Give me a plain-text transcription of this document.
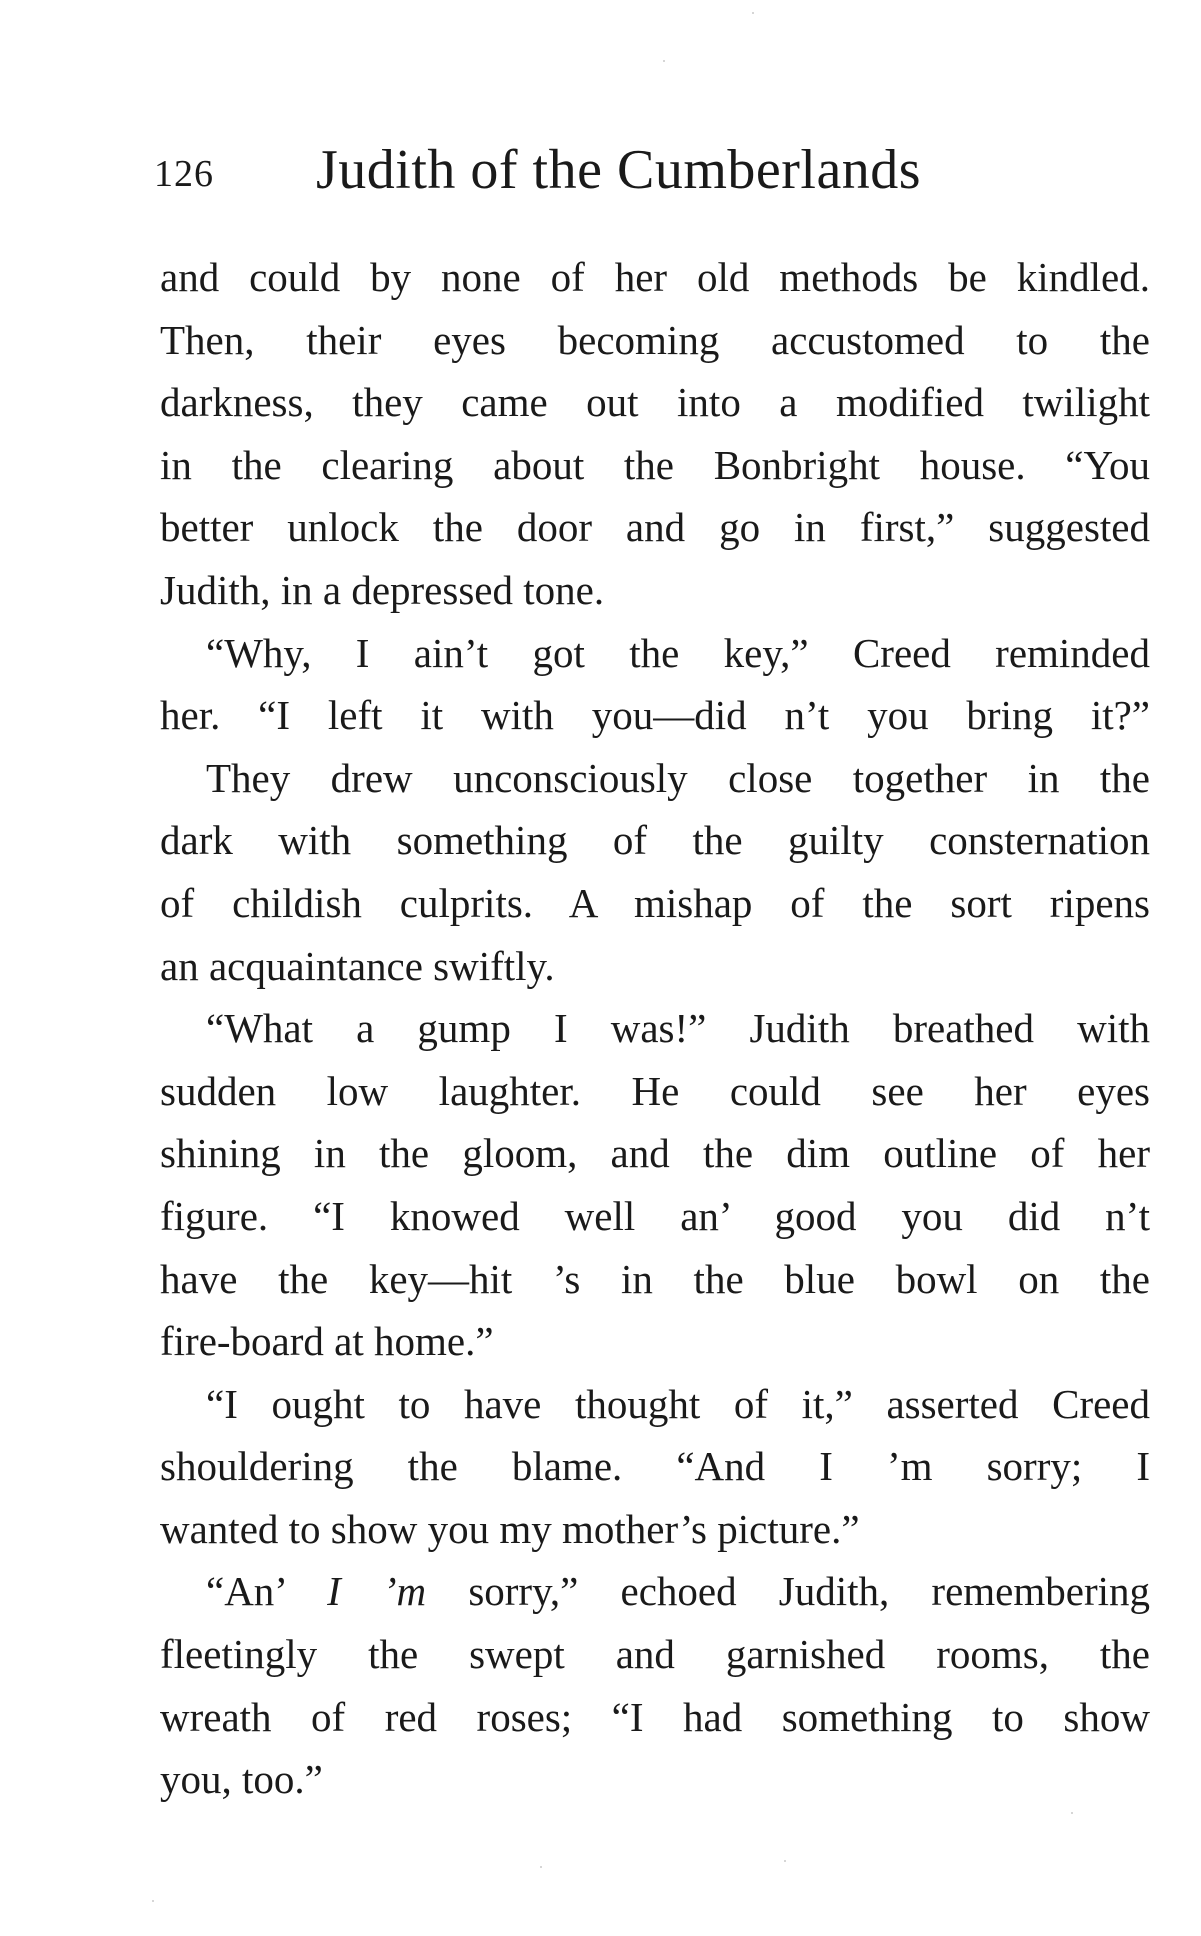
126 Judith of the Cumberlands
and could by none of her old methods be kindled.
Then, their eyes becoming accustomed to the
darkness, they came out into a modified twilight
in the clearing about the Bonbright house. “You
better unlock the door and go in first,” suggested
Judith, in a depressed tone.
“Why, I ain’t got the key,” Creed reminded
her. “I left it with you—did n’t you bring it?”
They drew unconsciously close together in the
dark with something of the guilty consternation
of childish culprits. A mishap of the sort ripens
an acquaintance swiftly.
“What a gump I was!” Judith breathed with
sudden low laughter. He could see her eyes
shining in the gloom, and the dim outline of her
figure. “I knowed well an’ good you did n’t
have the key—hit ’s in the blue bowl on the
fire-board at home.”
“I ought to have thought of it,” asserted Creed
shouldering the blame. “And I ’m sorry; I
wanted to show you my mother’s picture.”
“An’ I ’m sorry,” echoed Judith, remembering
fleetingly the swept and garnished rooms, the
wreath of red roses; “I had something to show
you, too.”
